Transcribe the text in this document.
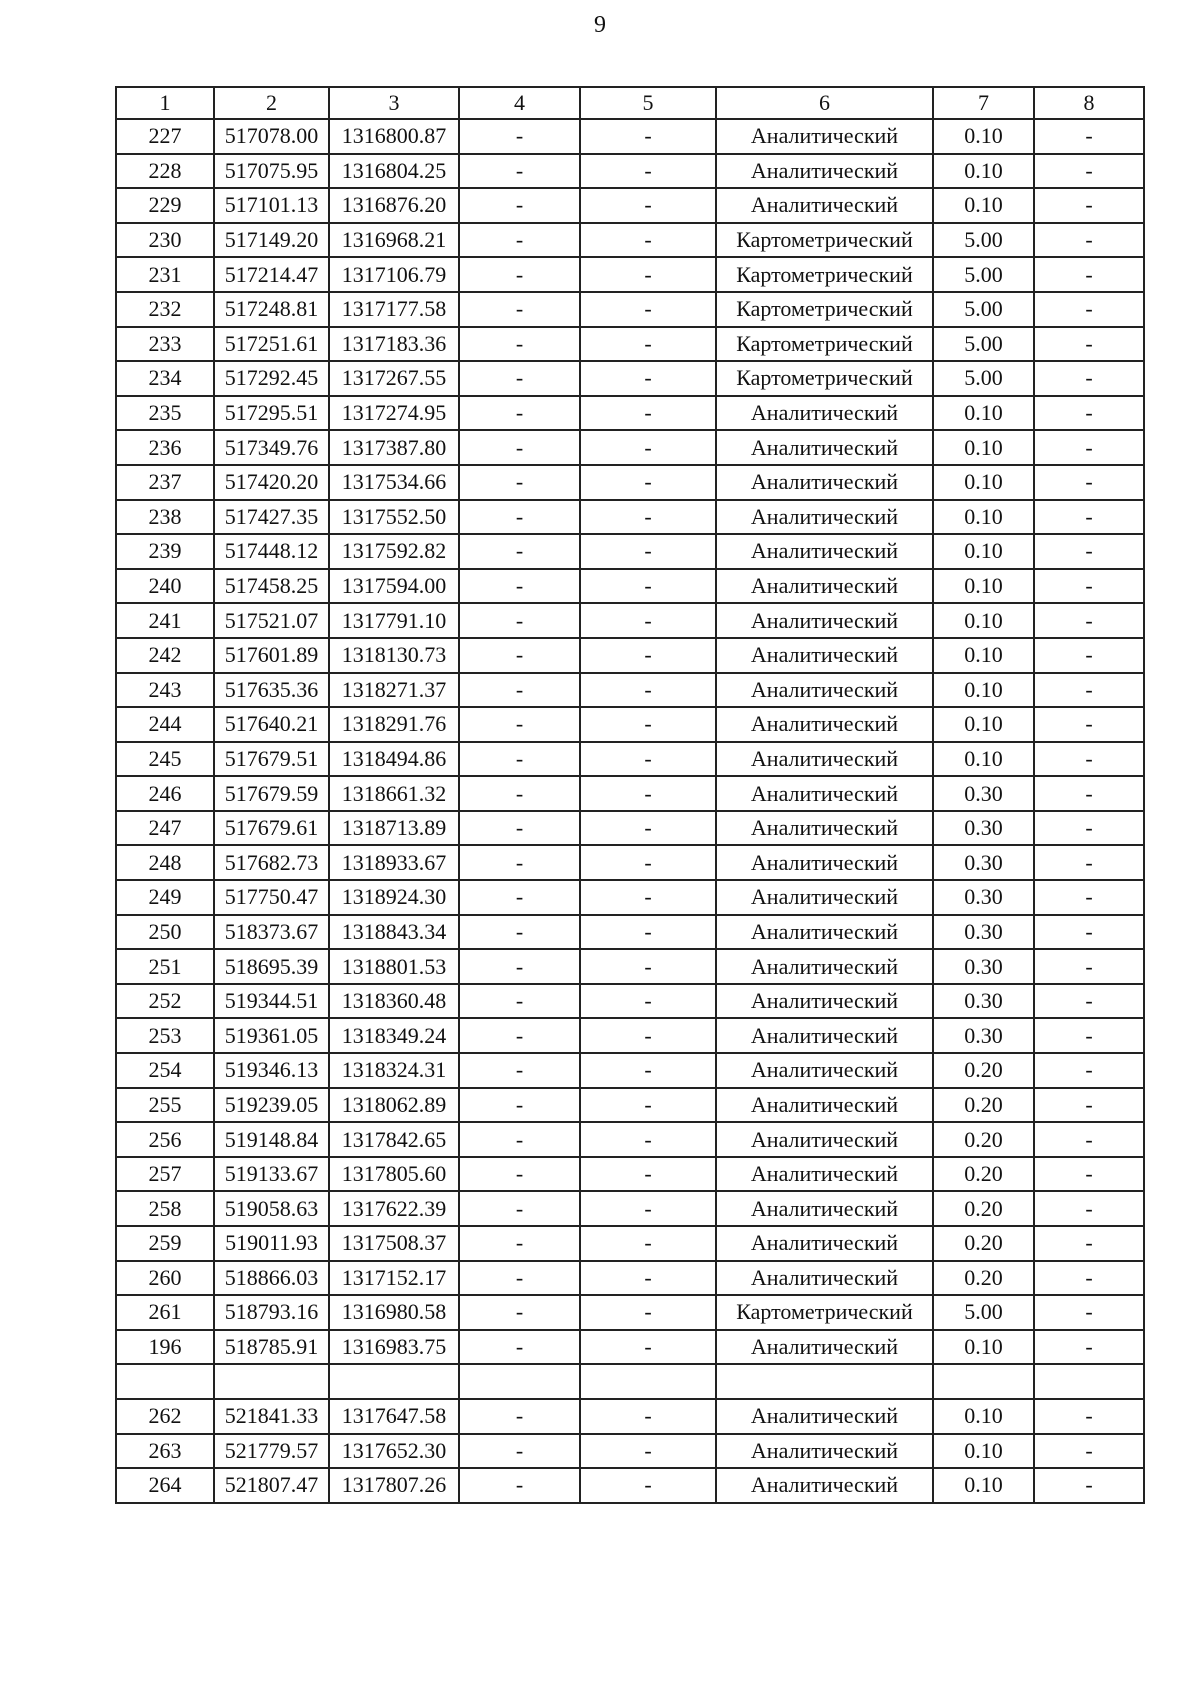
9
1	2	3	4	5	6	7	8
227	517078.00	1316800.87	-	-	Аналитический	0.10	-
228	517075.95	1316804.25	-	-	Аналитический	0.10	-
229	517101.13	1316876.20	-	-	Аналитический	0.10	-
230	517149.20	1316968.21	-	-	Картометрический	5.00	-
231	517214.47	1317106.79	-	-	Картометрический	5.00	-
232	517248.81	1317177.58	-	-	Картометрический	5.00	-
233	517251.61	1317183.36	-	-	Картометрический	5.00	-
234	517292.45	1317267.55	-	-	Картометрический	5.00	-
235	517295.51	1317274.95	-	-	Аналитический	0.10	-
236	517349.76	1317387.80	-	-	Аналитический	0.10	-
237	517420.20	1317534.66	-	-	Аналитический	0.10	-
238	517427.35	1317552.50	-	-	Аналитический	0.10	-
239	517448.12	1317592.82	-	-	Аналитический	0.10	-
240	517458.25	1317594.00	-	-	Аналитический	0.10	-
241	517521.07	1317791.10	-	-	Аналитический	0.10	-
242	517601.89	1318130.73	-	-	Аналитический	0.10	-
243	517635.36	1318271.37	-	-	Аналитический	0.10	-
244	517640.21	1318291.76	-	-	Аналитический	0.10	-
245	517679.51	1318494.86	-	-	Аналитический	0.10	-
246	517679.59	1318661.32	-	-	Аналитический	0.30	-
247	517679.61	1318713.89	-	-	Аналитический	0.30	-
248	517682.73	1318933.67	-	-	Аналитический	0.30	-
249	517750.47	1318924.30	-	-	Аналитический	0.30	-
250	518373.67	1318843.34	-	-	Аналитический	0.30	-
251	518695.39	1318801.53	-	-	Аналитический	0.30	-
252	519344.51	1318360.48	-	-	Аналитический	0.30	-
253	519361.05	1318349.24	-	-	Аналитический	0.30	-
254	519346.13	1318324.31	-	-	Аналитический	0.20	-
255	519239.05	1318062.89	-	-	Аналитический	0.20	-
256	519148.84	1317842.65	-	-	Аналитический	0.20	-
257	519133.67	1317805.60	-	-	Аналитический	0.20	-
258	519058.63	1317622.39	-	-	Аналитический	0.20	-
259	519011.93	1317508.37	-	-	Аналитический	0.20	-
260	518866.03	1317152.17	-	-	Аналитический	0.20	-
261	518793.16	1316980.58	-	-	Картометрический	5.00	-
196	518785.91	1316983.75	-	-	Аналитический	0.10	-

262	521841.33	1317647.58	-	-	Аналитический	0.10	-
263	521779.57	1317652.30	-	-	Аналитический	0.10	-
264	521807.47	1317807.26	-	-	Аналитический	0.10	-
